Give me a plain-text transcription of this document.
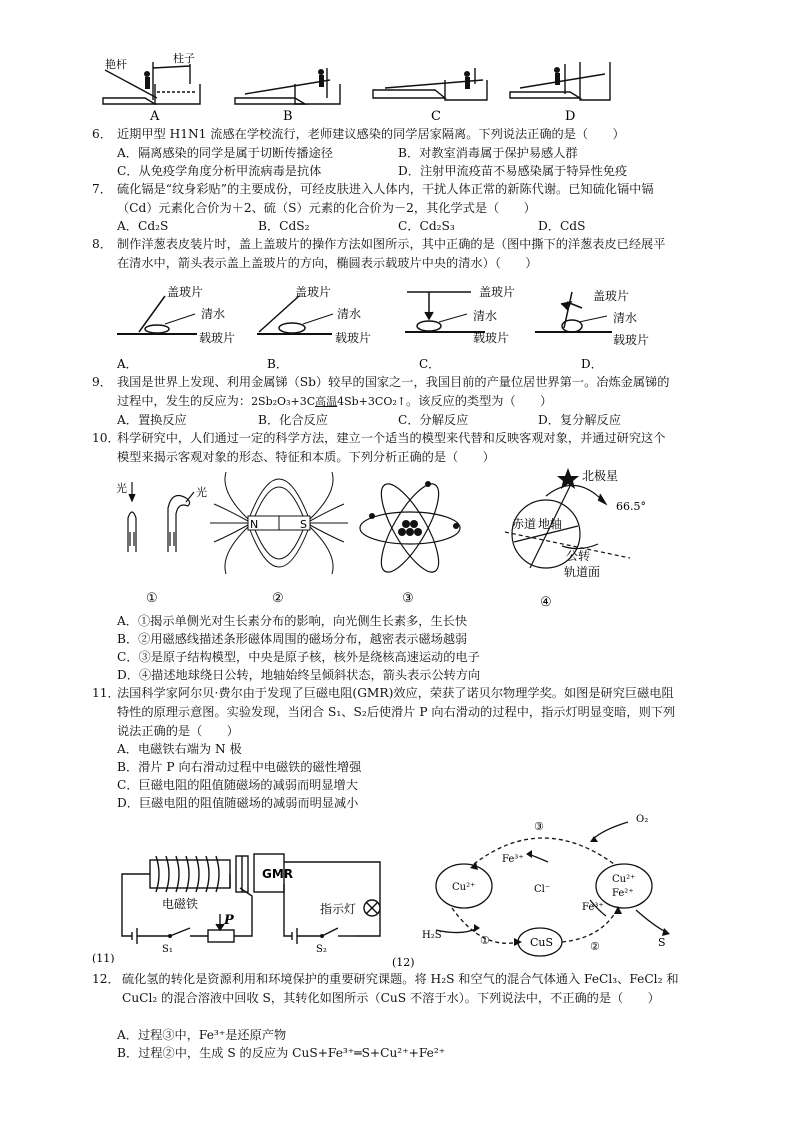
艳杆	柱子
A	B	C	D
6． 近期甲型 H1N1 流感在学校流行，老师建议感染的同学居家隔离。下列说法正确的是（　　）
A．隔离感染的同学是属于切断传播途径	B．对教室消毒属于保护易感人群
C．从免疫学角度分析甲流病毒是抗体	D．注射甲流疫苗不易感染属于特异性免疫
7． 硫化镉是“纹身彩贴”的主要成份，可经皮肤进入人体内，干扰人体正常的新陈代谢。已知硫化镉中镉（Cd）元素化合价为＋2、硫（S）元素的化合价为－2，其化学式是（　　）
A．Cd₂S	B．CdS₂	C．Cd₂S₃	D．CdS
8． 制作洋葱表皮装片时，盖上盖玻片的操作方法如图所示，其中正确的是（图中撕下的洋葱表皮已经展平在清水中，箭头表示盖上盖玻片的方向，椭圆表示载玻片中央的清水）（　　）
盖玻片
清水
载玻片
盖玻片
清水
载玻片
盖玻片
清水
载玻片
盖玻片
清水
载玻片
A．	B．	C．	D．
9． 我国是世界上发现、利用金属锑（Sb）较早的国家之一，我国目前的产量位居世界第一。冶炼金属锑的过程中，发生的反应为：2Sb₂O₃+3C高温4Sb+3CO₂↑。该反应的类型为（　　）
A．置换反应	B．化合反应	C．分解反应	D．复分解反应
10．
科学研究中，人们通过一定的科学方法，建立一个适当的模型来代替和反映客观对象，并通过研究这个模型来揭示客观对象的形态、特征和本质。下列分析正确的是（　　）
光	光
①
N	S
②	③
北极星
66.5°
赤道 地轴
公转
轨道面
④
A．①揭示单侧光对生长素分布的影响，向光侧生长素多，生长快
B．②用磁感线描述条形磁体周围的磁场分布，越密表示磁场越弱
C．③是原子结构模型，中央是原子核，核外是绕核高速运动的电子
D．④描述地球绕日公转，地轴始终呈倾斜状态，箭头表示公转方向
11．
法国科学家阿尔贝·费尔由于发现了巨磁电阻(GMR)效应，荣获了诺贝尔物理学奖。如图是研究巨磁电阻特性的原理示意图。实验发现，当闭合 S₁、S₂后使滑片 P 向右滑动的过程中，指示灯明显变暗，则下列说法正确的是（　　）
A．电磁铁右端为 N 极
B．滑片 P 向右滑动过程中电磁铁的磁性增强
C．巨磁电阻的阻值随磁场的减弱而明显增大
D．巨磁电阻的阻值随磁场的减弱而明显减小
GMR
电磁铁	指示灯
P
S₁	S₂
(11)
O₂
③
Fe³⁺
Cu²⁺	Cl⁻
Cu²⁺
Fe²⁺
Fe³⁺
H₂S	①	CuS	②	S
(12)
12． 硫化氢的转化是资源利用和环境保护的重要研究课题。将 H₂S 和空气的混合气体通入 FeCl₃、FeCl₂ 和 CuCl₂ 的混合溶液中回收 S，其转化如图所示（CuS 不溶于水）。下列说法中，不正确的是（　　）
A．过程③中，Fe³⁺是还原产物
B．过程②中，生成 S 的反应为 CuS+Fe³⁺═S+Cu²⁺+Fe²⁺
